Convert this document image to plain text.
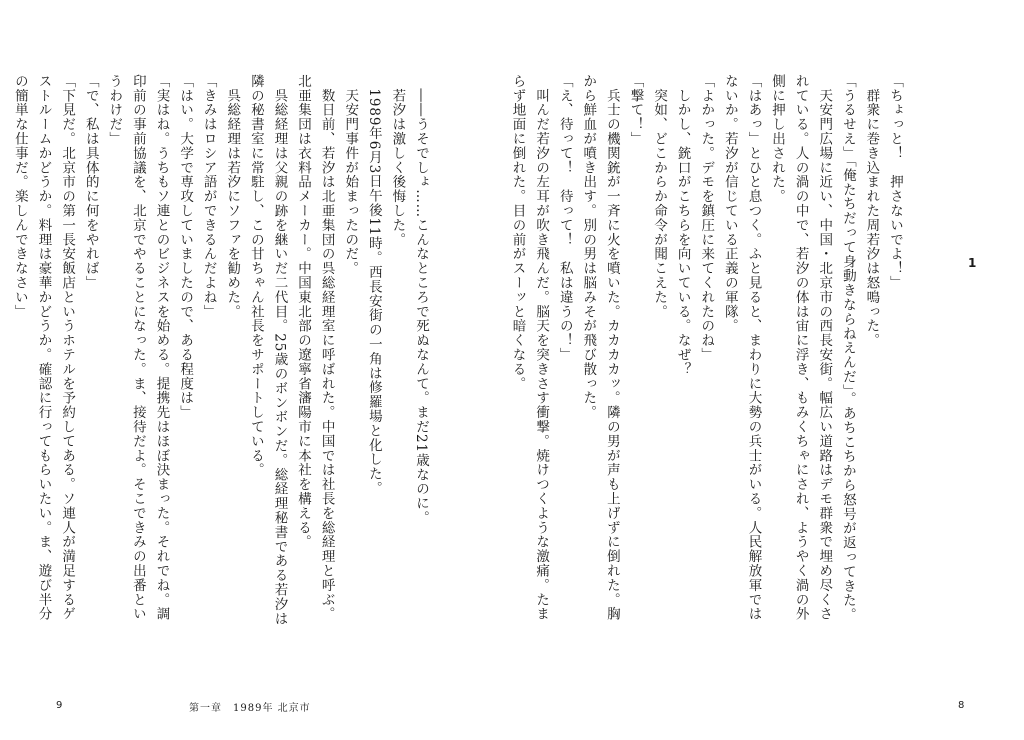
「ちょっと！　押さないでよ！」

　群衆に巻き込まれた周若汐は怒鳴った。

「うるせえ」「俺たちだって身動きならねえんだ」。あちこちから怒号が返ってきた。

　天安門広場に近い、中国・北京市の西長安街。幅広い道路はデモ群衆で埋め尽くされている。人の渦の中で、若汐の体は宙に浮き、もみくちゃにされ、ようやく渦の外側に押し出された。

「はあっ」とひと息つく。ふと見ると、まわりに大勢の兵士がいる。人民解放軍ではないか。若汐が信じている正義の軍隊。

「よかった。デモを鎮圧に来てくれたのね」

　しかし、銃口がこちらを向いている。なぜ？

　突如、どこからか命令が聞こえた。

「撃て！」

　兵士の機関銃が一斉に火を噴いた。カカカカッ。隣の男が声も上げずに倒れた。胸から鮮血が噴き出す。別の男は脳みそが飛び散った。

「え、待って！　待って！　私は違うの！」

　叫んだ若汐の左耳が吹き飛んだ。脳天を突きさす衝撃。焼けつくような激痛。たまらず地面に倒れた。目の前がスーッと暗くなる。	1
8

　――うそでしょ……こんなところで死ぬなんて。まだ21歳なのに。

　若汐は激しく後悔した。

　1989年6月3日午後11時。西長安街の一角は修羅場と化した。

　天安門事件が始まったのだ。

　数日前、若汐は北亜集団の呉総経理室に呼ばれた。中国では社長を総経理と呼ぶ。北亜集団は衣料品メーカー。中国東北部の遼寧省瀋陽市に本社を構える。

　呉総経理は父親の跡を継いだ二代目。25歳のボンボンだ。総経理秘書である若汐は隣の秘書室に常駐し、この甘ちゃん社長をサポートしている。

　呉総経理は若汐にソファを勧めた。

「きみはロシア語ができるんだよね」

「はい。大学で専攻していましたので、ある程度は」

「実はね。うちもソ連とのビジネスを始める。提携先はほぼ決まった。それでね。調印前の事前協議を、北京でやることになった。ま、接待だよ。そこできみの出番というわけだ」

「で、私は具体的に何をやれば」

「下見だ。北京市の第一長安飯店というホテルを予約してある。ソ連人が満足するゲストルームかどうか。料理は豪華かどうか。確認に行ってもらいたい。ま、遊び半分の簡単な仕事だ。楽しんできなさい」

9	第一章　1989年 北京市
